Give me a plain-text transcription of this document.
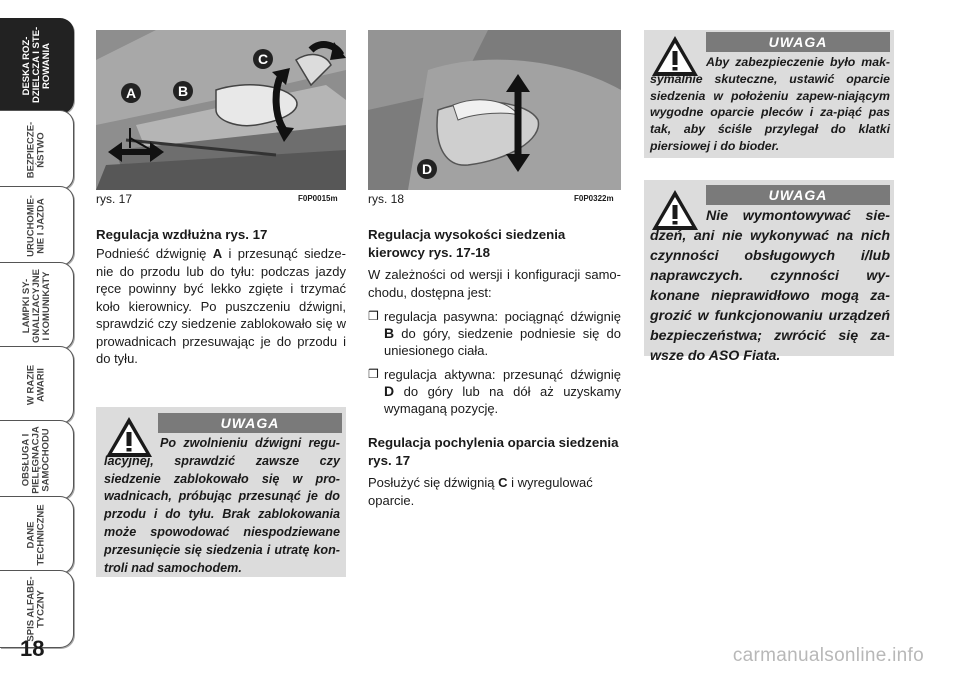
DESKA ROZ-
DZIELCZA I STE-
ROWANIA
BEZPIECZE-
ŃSTWO
URUCHOMIE-
NIE I JAZDA
LAMPKI SY-
GNALIZACYJNE
I KOMUNIKATY
W RAZIE
AWARII
OBSŁUGA I
PIELĘGNACJA
SAMOCHODU
DANE
TECHNICZNE
SPIS ALFABE-
TYCZNY
18	carmanualsonline.info
A	B
C
rys. 17	F0P0015m
D
rys. 18	F0P0322m
Regulacja wzdłużna rys. 17
Podnieść dźwignię A i przesunąć siedze-nie do przodu lub do tyłu: podczas jazdy ręce powinny być lekko zgięte i trzymać koło kierownicy. Po puszczeniu dźwigni, sprawdzić czy siedzenie zablokowało się w prowadnicach przesuwając je do przodu i do tyłu.
UWAGA
Po zwolnieniu dźwigni regu-lacyjnej, sprawdzić zawsze czy siedzenie zablokowało się w pro-wadnicach, próbując przesunąć je do przodu i do tyłu. Brak zablokowania może spowodować niespodziewane przesunięcie się siedzenia i utratę kon-troli nad samochodem.
Regulacja wysokości siedzenia kierowcy rys. 17-18
W zależności od wersji i konfiguracji samo-chodu, dostępna jest:
❒ regulacja pasywna: pociągnąć dźwignię B do góry, siedzenie podniesie się do uniesionego ciała.
❒ regulacja aktywna: przesunąć dźwignię D do góry lub na dół aż uzyskamy wymaganą pozycję.
Regulacja pochylenia oparcia siedzenia rys. 17
Posłużyć się dźwignią C i wyregulować oparcie.
UWAGA
Aby zabezpieczenie było mak-symalnie skuteczne, ustawić oparcie siedzenia w położeniu zapew-niającym wygodne oparcie pleców i za-piąć pas tak, aby ściśle przylegał do klatki piersiowej i do bioder.
UWAGA
Nie wymontowywać sie-dzeń, ani nie wykonywać na nich czynności obsługowych i/lub naprawczych. czynności wy-konane nieprawidłowo mogą za-grozić w funkcjonowaniu urządzeń bezpieczeństwa; zwrócić się za-wsze do ASO Fiata.
